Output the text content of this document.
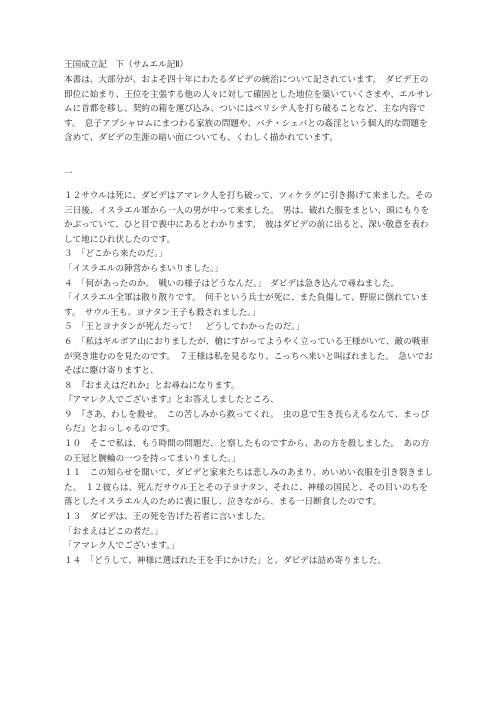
王国成立記　下（サムエル記Ⅱ）

本書は、大部分が、およそ四十年にわたるダビデの統治について記されています。　ダビデ王の即位に始まり、王位を主張する他の人々に対して確固とした地位を築いていくさまや、エルサレムに首都を移し、契約の箱を運び込み、ついにはペリシテ人を打ち破ることなど、主な内容です。　息子アブシャロムにまつわる家族の問題や、バテ・シェバとの姦淫という個人的な問題を含めて、ダビデの生涯の暗い面についても、くわしく描かれています。

一

１２サウルは死に、ダビデはアマレク人を打ち破って、ツィケラグに引き揚げて来ました。その三日後、イスラエル軍から一人の男が中って来ました。　男は、破れた服をまとい、頭にもりをかぶっていて、ひと目で喪中にあるとわかります。　彼はダビデの前に出ると、深い敬意を表わして地にひれ伏したのです。

３　「どこから来たのだ。」

「イスラエルの陣営からまいりました。」

４　「何があったのか。　戦いの様子はどうなんだ。」　ダビデは急き込んで尋ねました。

「イスラエル全軍は散り散りです。　何千という兵士が死に、また負傷して、野原に倒れています。　サウル王も、ヨナタン王子も殺されました。」

５　「王とヨナタンが死んだって！　どうしてわかったのだ。」

６　「私はギルボア山におりましたが、槍にすがってようやく立っている王様がいて、敵の戦車が突き進むのを見たのです。　７王様は私を見るなり、こっちへ来いと叫ばれました。　急いでおそばに駆け寄りますと、

８　『おまえはだれか』とお尋ねになります。

『アマレク人でございます』とお答えしましたところ、

９　『さあ、わしを殺せ。　この苦しみから救ってくれ。　虫の息で生き長らえるなんて、まっぴらだ』とおっしゃるのです。

１０　そこで私は、もう時間の問題だ、と察したものですから、あの方を殺しました。　あの方の王冠と腕輪の一つを持ってまいりました。」

１１　この知らせを聞いて、ダビデと家来たちは悲しみのあまり、めいめい衣服を引き裂きました。　１２彼らは、死んだサウル王とその子ヨナタン、それに、神様の国民と、その目いのちを落としたイスラエル人のために喪に服し、泣きながら、まる一日断食したのです。

１３　ダビデは、王の死を告げた若者に言いました。

「おまえはどこの者だ。」

「アマレク人でございます。」

１４　「どうして、神様に選ばれた王を手にかけた」と、ダビデは詰め寄りました。
